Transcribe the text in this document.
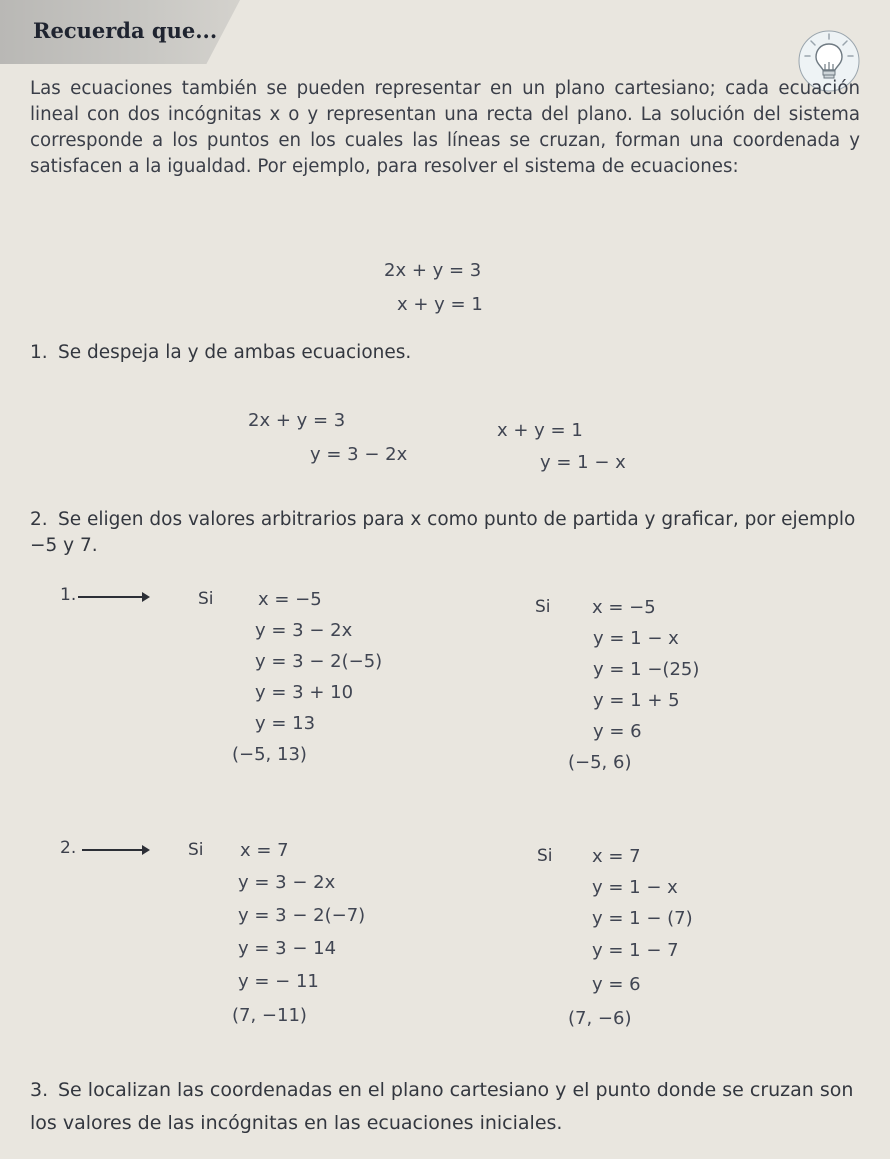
Recuerda que...
Las ecuaciones también se pueden representar en un plano cartesiano; cada ecuación lineal con dos incógnitas x o y representan una recta del plano. La solución del sistema corresponde a los puntos en los cuales las líneas se cruzan, forman una coordenada y satisfacen a la igualdad. Por ejemplo, para resolver el sistema de ecuaciones:
2x + y = 3
x + y = 1
1. Se despeja la y de ambas ecuaciones.
2x + y = 3
y = 3 − 2x
x + y = 1
y = 1 − x
2. Se eligen dos valores arbitrarios para x como punto de partida y graficar, por ejemplo −5 y 7.
1.	Si x = −5
y = 3 − 2x
y = 3 − 2(−5)
y = 3 + 10
y = 13
(−5, 13)
Si x = −5
y = 1 − x
y = 1 −(25)
y = 1 + 5
y = 6
(−5, 6)
2.	Si x = 7
y = 3 − 2x
y = 3 − 2(−7)
y = 3 − 14
y = − 11
(7, −11)
Si x = 7
y = 1 − x
y = 1 − (7)
y = 1 − 7
y = 6
(7, −6)
3. Se localizan las coordenadas en el plano cartesiano y el punto donde se cruzan son los valores de las incógnitas en las ecuaciones iniciales.
